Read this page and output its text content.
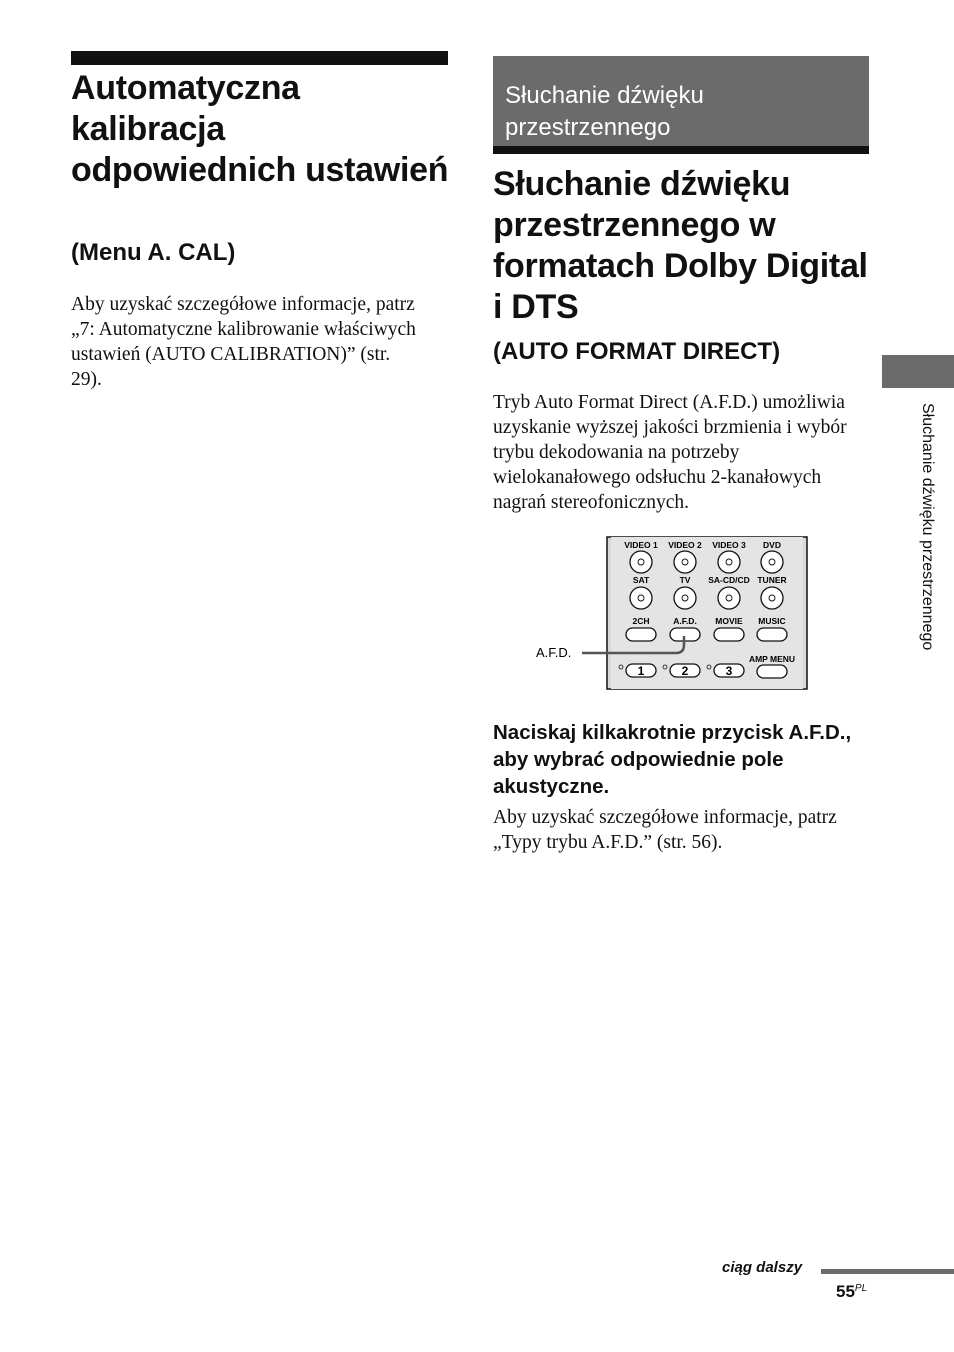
Automatyczna kalibracja odpowiednich ustawień
(Menu A. CAL)

Aby uzyskać szczegółowe informacje, patrz „7: Automatyczne kalibrowanie właściwych ustawień (AUTO CALIBRATION)” (str. 29).

Słuchanie dźwięku przestrzennego
Słuchanie dźwięku przestrzennego w formatach Dolby Digital i DTS
(AUTO FORMAT DIRECT)

Tryb Auto Format Direct (A.F.D.) umożliwia uzyskanie wyższej jakości brzmienia i wybór trybu dekodowania na potrzeby wielokanałowego odsłuchu 2-kanałowych nagrań stereofonicznych.

VIDEO 1 VIDEO 2 VIDEO 3 DVD
SAT	TV SA-CD/CD TUNER
2CH	A.F.D. MOVIE MUSIC
AMP MENU
1	2	3
A.F.D.
Naciskaj kilkakrotnie przycisk A.F.D., aby wybrać odpowiednie pole akustyczne.

Aby uzyskać szczegółowe informacje, patrz „Typy trybu A.F.D.” (str. 56).

Słuchanie dźwięku przestrzennego
ciąg dalszy
$55^{PL}$
